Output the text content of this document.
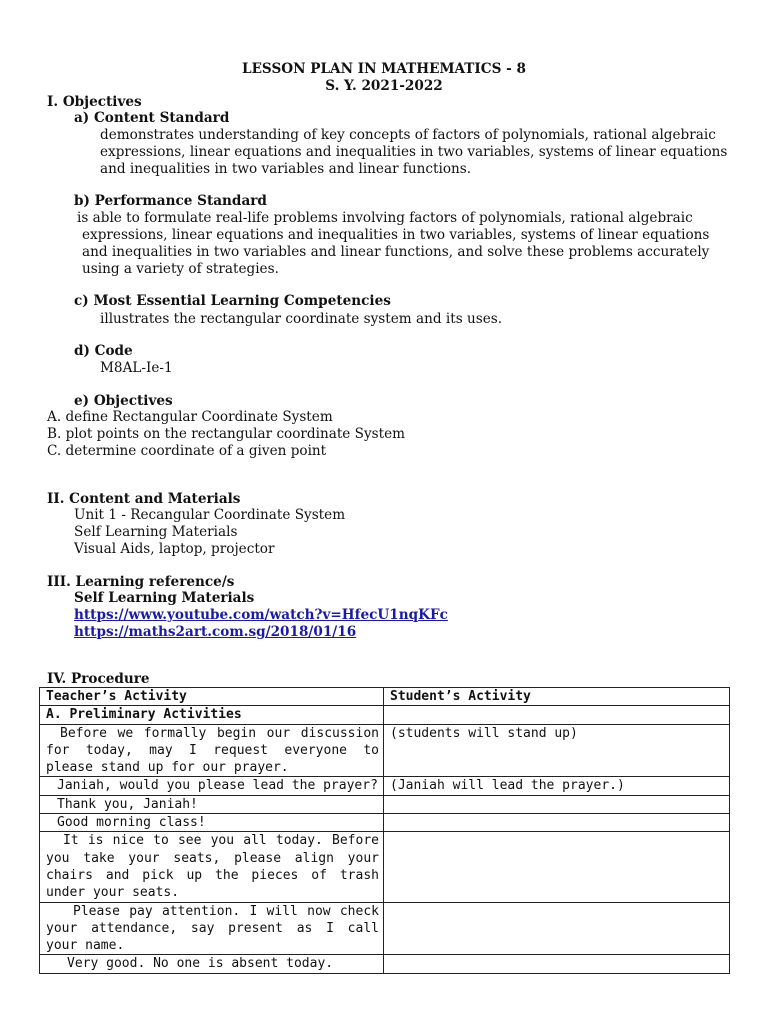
LESSON PLAN IN MATHEMATICS - 8
S. Y. 2021-2022
I. Objectives
a) Content Standard
demonstrates understanding of key concepts of factors of polynomials, rational algebraic
expressions, linear equations and inequalities in two variables, systems of linear equations
and inequalities in two variables and linear functions.
b) Performance Standard
is able to formulate real-life problems involving factors of polynomials, rational algebraic
expressions, linear equations and inequalities in two variables, systems of linear equations
and inequalities in two variables and linear functions, and solve these problems accurately
using a variety of strategies.
c) Most Essential Learning Competencies
illustrates the rectangular coordinate system and its uses.
d) Code
M8AL-Ie-1
e) Objectives
A. define Rectangular Coordinate System
B. plot points on the rectangular coordinate System
C. determine coordinate of a given point
II. Content and Materials
Unit 1 - Recangular Coordinate System
Self Learning Materials
Visual Aids, laptop, projector
III. Learning reference/s
Self Learning Materials
https://www.youtube.com/watch?v=HfecU1nqKFc
https://maths2art.com.sg/2018/01/16
IV. Procedure
Teacher’s Activity	Student’s Activity
A. Preliminary Activities	
Before we formally begin our discussion for today, may I request everyone to please stand up for our prayer.	(students will stand up)
Janiah, would you please lead the prayer?	(Janiah will lead the prayer.)
Thank you, Janiah!	
Good morning class!	
It is nice to see you all today. Before you take your seats, please align your chairs and pick up the pieces of trash under your seats.	
Please pay attention. I will now check your attendance, say present as I call your name.	
Very good. No one is absent today.	
